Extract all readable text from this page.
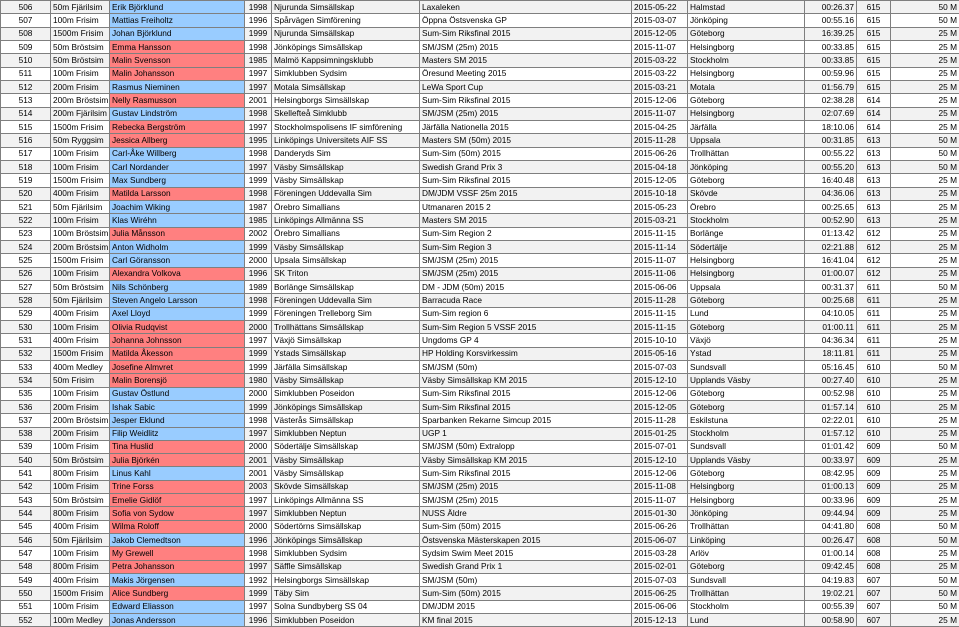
506	50m Fjärilsim	Erik Björklund	1998	Njurunda Simsällskap	Laxaleken	2015-05-22	Halmstad	00:26.37	615	50 M
507	100m Frisim	Mattias Freiholtz	1996	Spårvägen Simförening	Öppna Östsvenska GP	2015-03-07	Jönköping	00:55.16	615	50 M
508	1500m Frisim	Johan Björklund	1999	Njurunda Simsällskap	Sum-Sim Riksfinal 2015	2015-12-05	Göteborg	16:39.25	615	25 M
509	50m Bröstsim	Emma Hansson	1998	Jönköpings Simsällskap	SM/JSM (25m) 2015	2015-11-07	Helsingborg	00:33.85	615	25 M
510	50m Bröstsim	Malin Svensson	1985	Malmö Kappsimningsklubb	Masters SM 2015	2015-03-22	Stockholm	00:33.85	615	25 M
511	100m Frisim	Malin Johansson	1997	Simklubben Sydsim	Öresund Meeting 2015	2015-03-22	Helsingborg	00:59.96	615	25 M
512	200m Frisim	Rasmus Nieminen	1997	Motala Simsällskap	LeWa Sport Cup	2015-03-21	Motala	01:56.79	615	25 M
513	200m Bröstsim	Nelly Rasmusson	2001	Helsingborgs Simsällskap	Sum-Sim Riksfinal 2015	2015-12-06	Göteborg	02:38.28	614	25 M
514	200m Fjärilsim	Gustav Lindström	1998	Skellefteå Simklubb	SM/JSM (25m) 2015	2015-11-07	Helsingborg	02:07.69	614	25 M
515	1500m Frisim	Rebecka Bergström	1997	Stockholmspolisens IF simförening	Järfälla Nationella 2015	2015-04-25	Järfälla	18:10.06	614	25 M
516	50m Ryggsim	Jessica Allberg	1995	Linköpings Universitets AIF SS	Masters SM (50m) 2015	2015-11-28	Uppsala	00:31.85	613	50 M
517	100m Frisim	Carl-Åke Willberg	1998	Danderyds Sim	Sum-Sim (50m) 2015	2015-06-26	Trollhättan	00:55.22	613	50 M
518	100m Frisim	Carl Nordander	1997	Väsby Simsällskap	Swedish Grand Prix 3	2015-04-18	Jönköping	00:55.20	613	50 M
519	1500m Frisim	Max Sundberg	1999	Väsby Simsällskap	Sum-Sim Riksfinal 2015	2015-12-05	Göteborg	16:40.48	613	25 M
520	400m Frisim	Matilda Larsson	1998	Föreningen Uddevalla Sim	DM/JDM VSSF 25m 2015	2015-10-18	Skövde	04:36.06	613	25 M
521	50m Fjärilsim	Joachim Wiking	1987	Örebro Simallians	Utmanaren 2015 2	2015-05-23	Örebro	00:25.65	613	25 M
522	100m Frisim	Klas Wiréhn	1985	Linköpings Allmänna SS	Masters SM 2015	2015-03-21	Stockholm	00:52.90	613	25 M
523	100m Bröstsim	Julia Månsson	2002	Örebro Simallians	Sum-Sim Region 2	2015-11-15	Borlänge	01:13.42	612	25 M
524	200m Bröstsim	Anton Widholm	1999	Väsby Simsällskap	Sum-Sim Region 3	2015-11-14	Södertälje	02:21.88	612	25 M
525	1500m Frisim	Carl Göransson	2000	Upsala Simsällskap	SM/JSM (25m) 2015	2015-11-07	Helsingborg	16:41.04	612	25 M
526	100m Frisim	Alexandra Volkova	1996	SK Triton	SM/JSM (25m) 2015	2015-11-06	Helsingborg	01:00.07	612	25 M
527	50m Bröstsim	Nils Schönberg	1989	Borlänge Simsällskap	DM - JDM (50m) 2015	2015-06-06	Uppsala	00:31.37	611	50 M
528	50m Fjärilsim	Steven Angelo Larsson	1998	Föreningen Uddevalla Sim	Barracuda Race	2015-11-28	Göteborg	00:25.68	611	25 M
529	400m Frisim	Axel Lloyd	1999	Föreningen Trelleborg Sim	Sum-Sim region 6	2015-11-15	Lund	04:10.05	611	25 M
530	100m Frisim	Olivia Rudqvist	2000	Trollhättans Simsällskap	Sum-Sim Region 5 VSSF 2015	2015-11-15	Göteborg	01:00.11	611	25 M
531	400m Frisim	Johanna Johnsson	1997	Växjö Simsällskap	Ungdoms GP 4	2015-10-10	Växjö	04:36.34	611	25 M
532	1500m Frisim	Matilda Åkesson	1999	Ystads Simsällskap	HP Holding Korsvirkessim	2015-05-16	Ystad	18:11.81	611	25 M
533	400m Medley	Josefine Almvret	1999	Järfälla Simsällskap	SM/JSM (50m)	2015-07-03	Sundsvall	05:16.45	610	50 M
534	50m Frisim	Malin Borensjö	1980	Väsby Simsällskap	Väsby Simsällskap KM 2015	2015-12-10	Upplands Väsby	00:27.40	610	25 M
535	100m Frisim	Gustav Östlund	2000	Simklubben Poseidon	Sum-Sim Riksfinal 2015	2015-12-06	Göteborg	00:52.98	610	25 M
536	200m Frisim	Ishak Sabic	1999	Jönköpings Simsällskap	Sum-Sim Riksfinal 2015	2015-12-05	Göteborg	01:57.14	610	25 M
537	200m Bröstsim	Jesper Eklund	1998	Västerås Simsällskap	Sparbanken Rekarne Simcup 2015	2015-11-28	Eskilstuna	02:22.01	610	25 M
538	200m Frisim	Filip Weidlitz	1997	Simklubben Neptun	UGP 1	2015-01-25	Stockholm	01:57.12	610	25 M
539	100m Frisim	Tina Huslid	2000	Södertälje Simsällskap	SM/JSM (50m) Extralopp	2015-07-01	Sundsvall	01:01.42	609	50 M
540	50m Bröstsim	Julia Björkén	2001	Väsby Simsällskap	Väsby Simsällskap KM 2015	2015-12-10	Upplands Väsby	00:33.97	609	25 M
541	800m Frisim	Linus Kahl	2001	Väsby Simsällskap	Sum-Sim Riksfinal 2015	2015-12-06	Göteborg	08:42.95	609	25 M
542	100m Frisim	Trine Forss	2003	Skövde Simsällskap	SM/JSM (25m) 2015	2015-11-08	Helsingborg	01:00.13	609	25 M
543	50m Bröstsim	Emelie Gidlöf	1997	Linköpings Allmänna SS	SM/JSM (25m) 2015	2015-11-07	Helsingborg	00:33.96	609	25 M
544	800m Frisim	Sofia von Sydow	1997	Simklubben Neptun	NUSS Äldre	2015-01-30	Jönköping	09:44.94	609	25 M
545	400m Frisim	Wilma Roloff	2000	Södertörns Simsällskap	Sum-Sim (50m) 2015	2015-06-26	Trollhättan	04:41.80	608	50 M
546	50m Fjärilsim	Jakob Clemedtson	1996	Jönköpings Simsällskap	Östsvenska Mästerskapen 2015	2015-06-07	Linköping	00:26.47	608	50 M
547	100m Frisim	My Grewell	1998	Simklubben Sydsim	Sydsim Swim Meet 2015	2015-03-28	Arlöv	01:00.14	608	25 M
548	800m Frisim	Petra Johansson	1997	Säffle Simsällskap	Swedish Grand Prix 1	2015-02-01	Göteborg	09:42.45	608	25 M
549	400m Frisim	Makis Jörgensen	1992	Helsingborgs Simsällskap	SM/JSM (50m)	2015-07-03	Sundsvall	04:19.83	607	50 M
550	1500m Frisim	Alice Sundberg	1999	Täby Sim	Sum-Sim (50m) 2015	2015-06-25	Trollhättan	19:02.21	607	50 M
551	100m Frisim	Edward Eliasson	1997	Solna Sundbyberg SS 04	DM/JDM 2015	2015-06-06	Stockholm	00:55.39	607	50 M
552	100m Medley	Jonas Andersson	1996	Simklubben Poseidon	KM final 2015	2015-12-13	Lund	00:58.90	607	25 M
